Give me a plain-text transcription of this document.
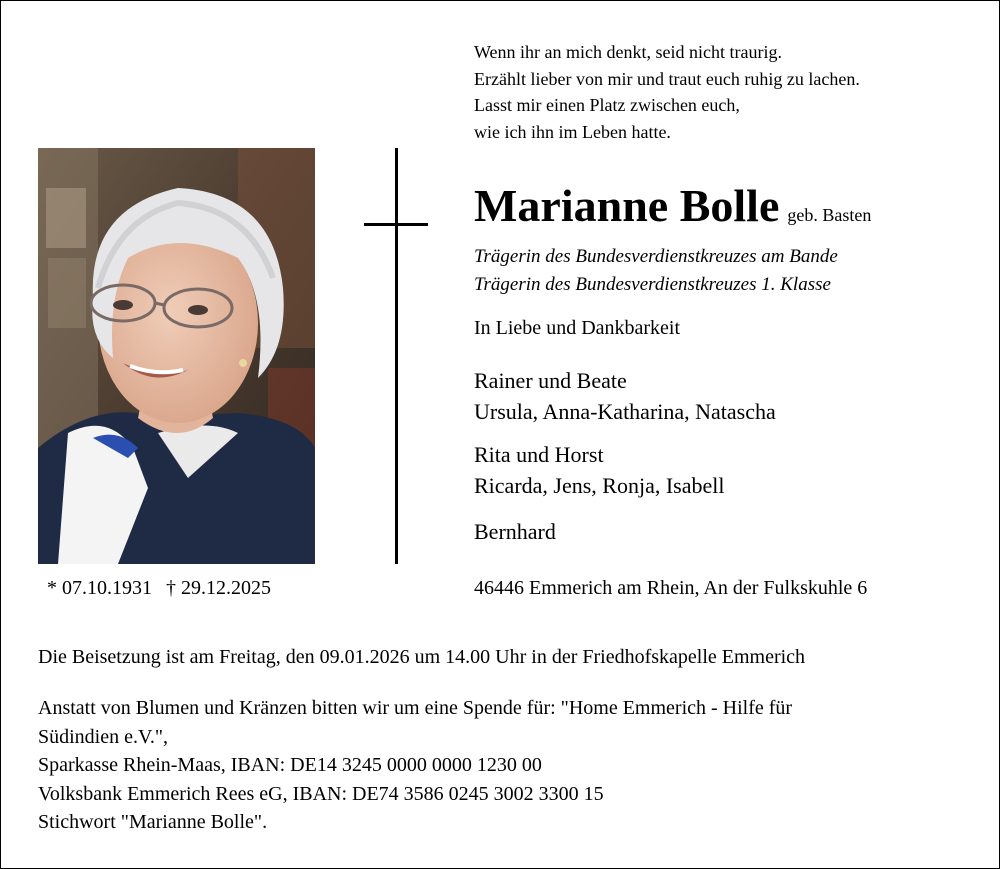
Wenn ihr an mich denkt, seid nicht traurig.
Erzählt lieber von mir und traut euch ruhig zu lachen.
Lasst mir einen Platz zwischen euch,
wie ich ihn im Leben hatte.
Marianne Bolle geb. Basten
Trägerin des Bundesverdienstkreuzes am Bande
Trägerin des Bundesverdienstkreuzes 1. Klasse
In Liebe und Dankbarkeit
Rainer und Beate
Ursula, Anna-Katharina, Natascha
Rita und Horst
Ricarda, Jens, Ronja, Isabell
Bernhard
* 07.10.1931 † 29.12.2025	46446 Emmerich am Rhein, An der Fulkskuhle 6
Die Beisetzung ist am Freitag, den 09.01.2026 um 14.00 Uhr in der Friedhofskapelle Emmerich
Anstatt von Blumen und Kränzen bitten wir um eine Spende für: "Home Emmerich - Hilfe für
Südindien e.V.",
Sparkasse Rhein-Maas, IBAN: DE14 3245 0000 0000 1230 00
Volksbank Emmerich Rees eG, IBAN: DE74 3586 0245 3002 3300 15
Stichwort "Marianne Bolle".
